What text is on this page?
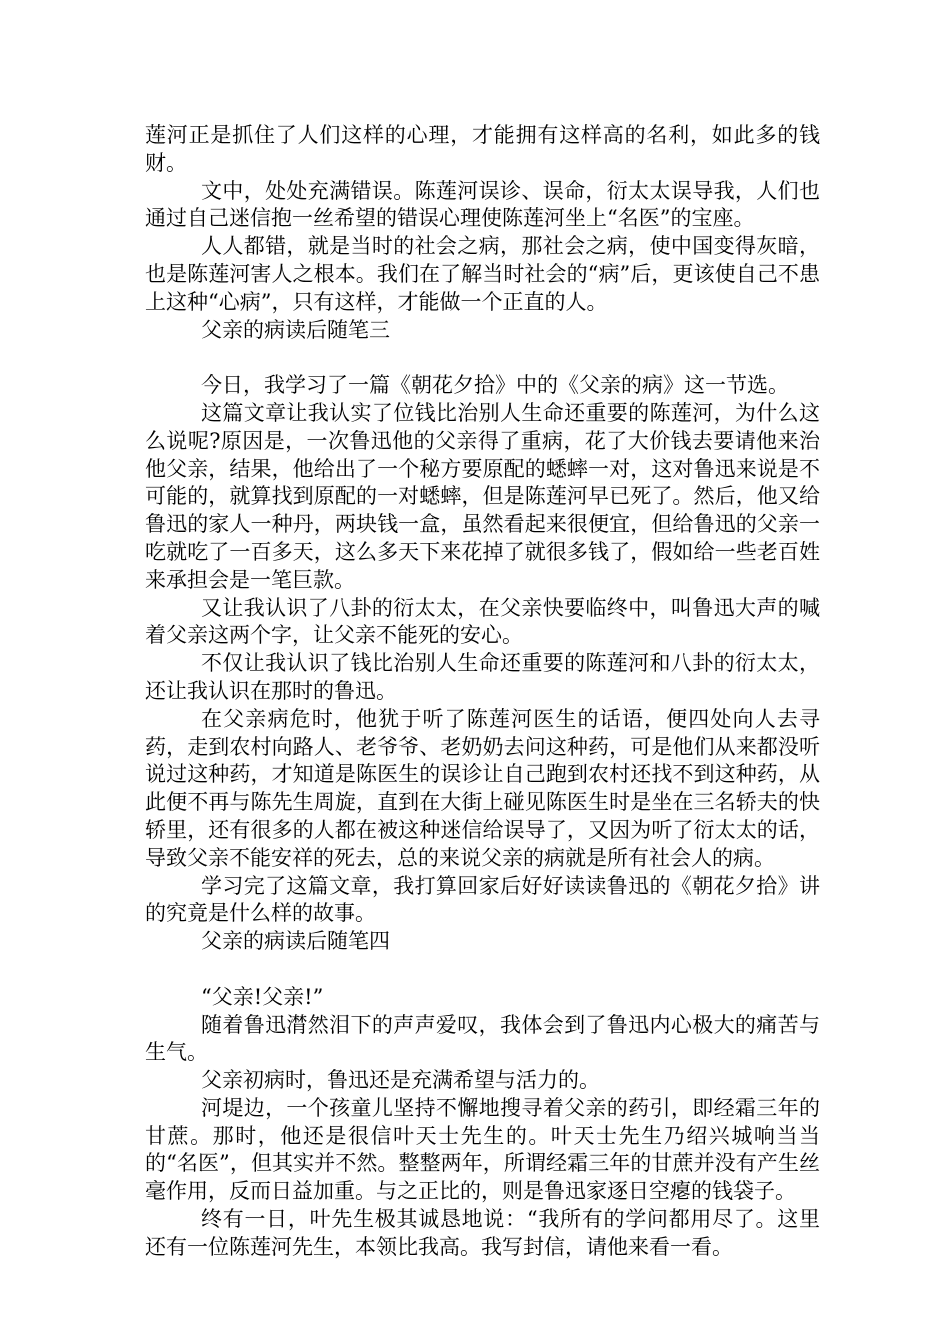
莲河正是抓住了人们这样的心理，才能拥有这样高的名利，如此多的钱财。

文中，处处充满错误。陈莲河误诊、误命，衍太太误导我，人们也通过自己迷信抱一丝希望的错误心理使陈莲河坐上“名医”的宝座。

人人都错，就是当时的社会之病，那社会之病，使中国变得灰暗，也是陈莲河害人之根本。我们在了解当时社会的“病”后，更该使自己不患上这种“心病”，只有这样，才能做一个正直的人。

父亲的病读后随笔三

今日，我学习了一篇《朝花夕拾》中的《父亲的病》这一节选。

这篇文章让我认实了位钱比治别人生命还重要的陈莲河，为什么这么说呢?原因是，一次鲁迅他的父亲得了重病，花了大价钱去要请他来治他父亲，结果，他给出了一个秘方要原配的蟋蟀一对，这对鲁迅来说是不可能的，就算找到原配的一对蟋蟀，但是陈莲河早已死了。然后，他又给鲁迅的家人一种丹，两块钱一盒，虽然看起来很便宜，但给鲁迅的父亲一吃就吃了一百多天，这么多天下来花掉了就很多钱了，假如给一些老百姓来承担会是一笔巨款。

又让我认识了八卦的衍太太，在父亲快要临终中，叫鲁迅大声的喊着父亲这两个字，让父亲不能死的安心。

不仅让我认识了钱比治别人生命还重要的陈莲河和八卦的衍太太，还让我认识在那时的鲁迅。

在父亲病危时，他犹于听了陈莲河医生的话语，便四处向人去寻药，走到农村向路人、老爷爷、老奶奶去问这种药，可是他们从来都没听说过这种药，才知道是陈医生的误诊让自己跑到农村还找不到这种药，从此便不再与陈先生周旋，直到在大街上碰见陈医生时是坐在三名轿夫的快轿里，还有很多的人都在被这种迷信给误导了，又因为听了衍太太的话，导致父亲不能安祥的死去，总的来说父亲的病就是所有社会人的病。

学习完了这篇文章，我打算回家后好好读读鲁迅的《朝花夕拾》讲的究竟是什么样的故事。

父亲的病读后随笔四

“父亲!父亲!”

随着鲁迅潸然泪下的声声爱叹，我体会到了鲁迅内心极大的痛苦与生气。

父亲初病时，鲁迅还是充满希望与活力的。

河堤边，一个孩童儿坚持不懈地搜寻着父亲的药引，即经霜三年的甘蔗。那时，他还是很信叶天士先生的。叶天士先生乃绍兴城响当当的“名医”，但其实并不然。整整两年，所谓经霜三年的甘蔗并没有产生丝毫作用，反而日益加重。与之正比的，则是鲁迅家逐日空瘪的钱袋子。

终有一日，叶先生极其诚恳地说：“我所有的学问都用尽了。这里还有一位陈莲河先生，本领比我高。我写封信，请他来看一看。
